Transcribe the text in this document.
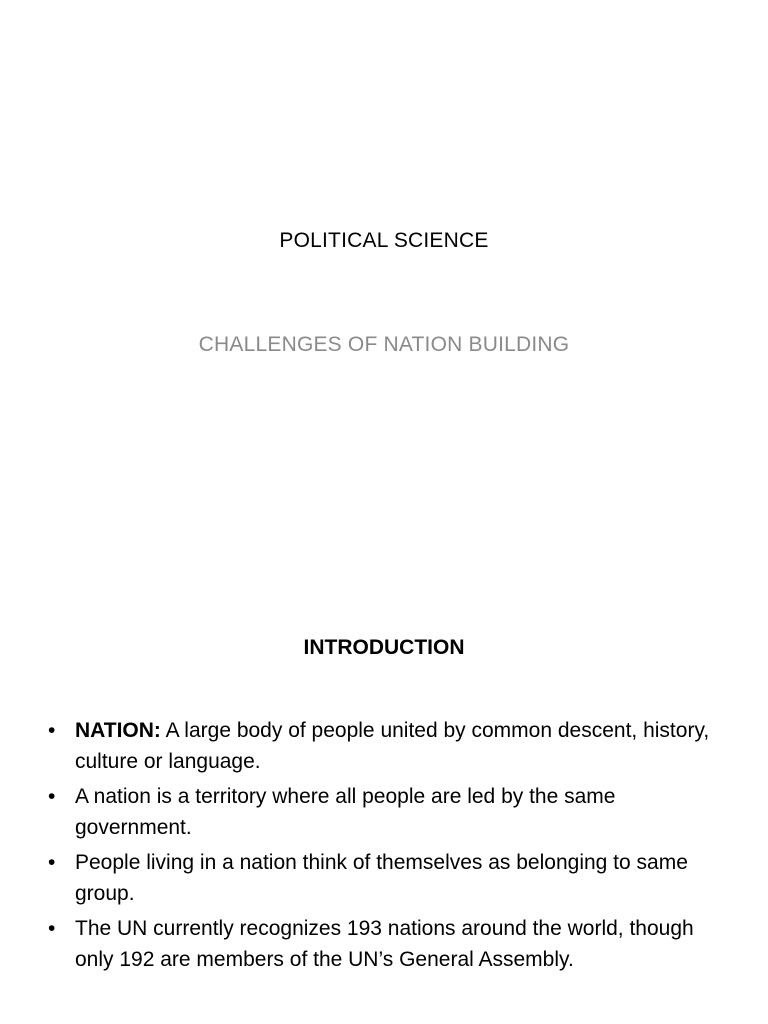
POLITICAL SCIENCE
CHALLENGES OF NATION BUILDING
INTRODUCTION
• NATION: A large body of people united by common descent, history, culture or language.
• A nation is a territory where all people are led by the same government.
• People living in a nation think of themselves as belonging to same group.
• The UN currently recognizes 193 nations around the world, though only 192 are members of the UN’s General Assembly.
